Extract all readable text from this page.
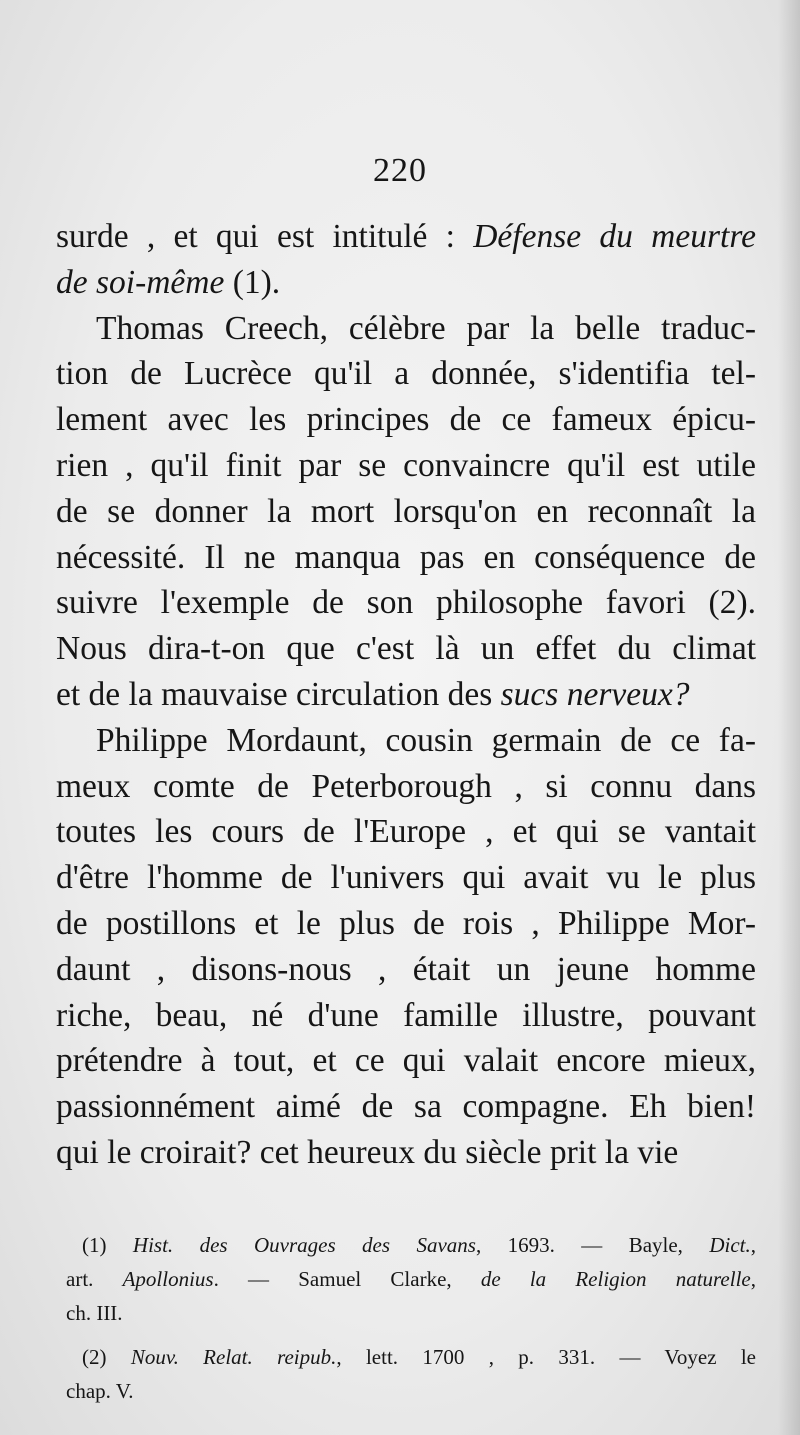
220
surde , et qui est intitulé : Défense du meurtre
de soi-même (1).
Thomas Creech, célèbre par la belle traduc-
tion de Lucrèce qu'il a donnée, s'identifia tel-
lement avec les principes de ce fameux épicu-
rien , qu'il finit par se convaincre qu'il est utile
de se donner la mort lorsqu'on en reconnaît la
nécessité. Il ne manqua pas en conséquence de
suivre l'exemple de son philosophe favori (2).
Nous dira-t-on que c'est là un effet du climat
et de la mauvaise circulation des sucs nerveux?
Philippe Mordaunt, cousin germain de ce fa-
meux comte de Peterborough , si connu dans
toutes les cours de l'Europe , et qui se vantait
d'être l'homme de l'univers qui avait vu le plus
de postillons et le plus de rois , Philippe Mor-
daunt , disons-nous , était un jeune homme
riche, beau, né d'une famille illustre, pouvant
prétendre à tout, et ce qui valait encore mieux,
passionnément aimé de sa compagne. Eh bien!
qui le croirait? cet heureux du siècle prit la vie
(1) Hist. des Ouvrages des Savans, 1693. — Bayle, Dict.,
art. Apollonius. — Samuel Clarke, de la Religion naturelle,
ch. III.
(2) Nouv. Relat. reipub., lett. 1700 , p. 331. — Voyez le
chap. V.
